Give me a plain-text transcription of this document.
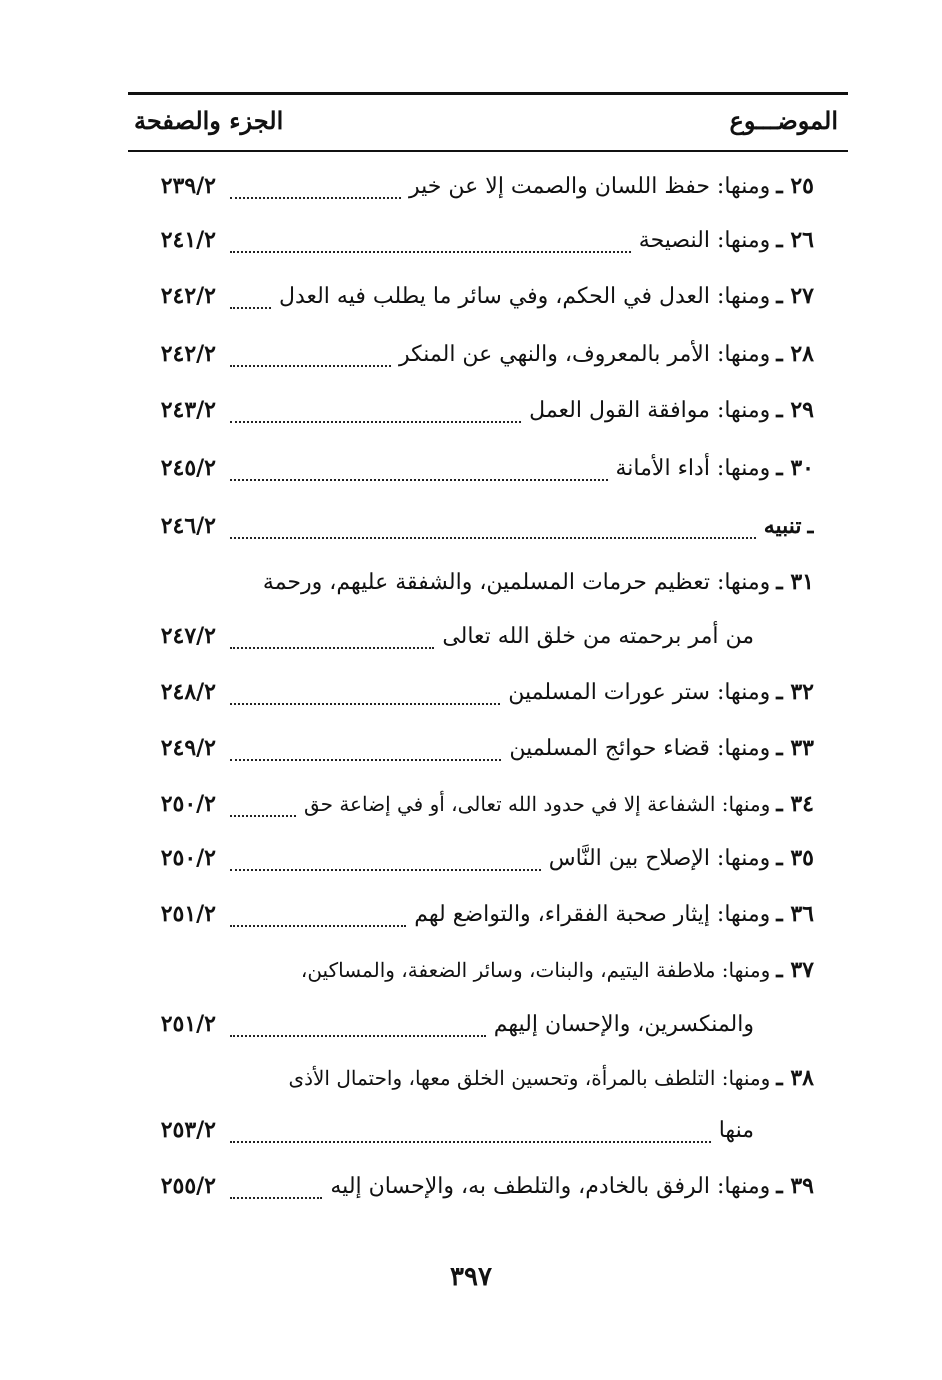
الموضـــوع
الجزء والصفحة
٢٥ ـ
ومنها: حفظ اللسان والصمت إلا عن خير
٢٣٩/٢
٢٦ ـ
ومنها: النصيحة
٢٤١/٢
٢٧ ـ
ومنها: العدل في الحكم، وفي سائر ما يطلب فيه العدل
٢٤٢/٢
٢٨ ـ
ومنها: الأمر بالمعروف، والنهي عن المنكر
٢٤٢/٢
٢٩ ـ
ومنها: موافقة القول العمل
٢٤٣/٢
٣٠ ـ
ومنها: أداء الأمانة
٢٤٥/٢
ـ
تنبيه
٢٤٦/٢
٣١ ـ
ومنها: تعظيم حرمات المسلمين، والشفقة عليهم، ورحمة
من أمر برحمته من خلق الله تعالى
٢٤٧/٢
٣٢ ـ
ومنها: ستر عورات المسلمين
٢٤٨/٢
٣٣ ـ
ومنها: قضاء حوائج المسلمين
٢٤٩/٢
٣٤ ـ
ومنها: الشفاعة إلا في حدود الله تعالى، أو في إضاعة حق
٢٥٠/٢
٣٥ ـ
ومنها: الإصلاح بين النَّاس
٢٥٠/٢
٣٦ ـ
ومنها: إيثار صحبة الفقراء، والتواضع لهم
٢٥١/٢
٣٧ ـ
ومنها: ملاطفة اليتيم، والبنات، وسائر الضعفة، والمساكين،
والمنكسرين، والإحسان إليهم
٢٥١/٢
٣٨ ـ
ومنها: التلطف بالمرأة، وتحسين الخلق معها، واحتمال الأذى
منها
٢٥٣/٢
٣٩ ـ
ومنها: الرفق بالخادم، والتلطف به، والإحسان إليه
٢٥٥/٢
٣٩٧
